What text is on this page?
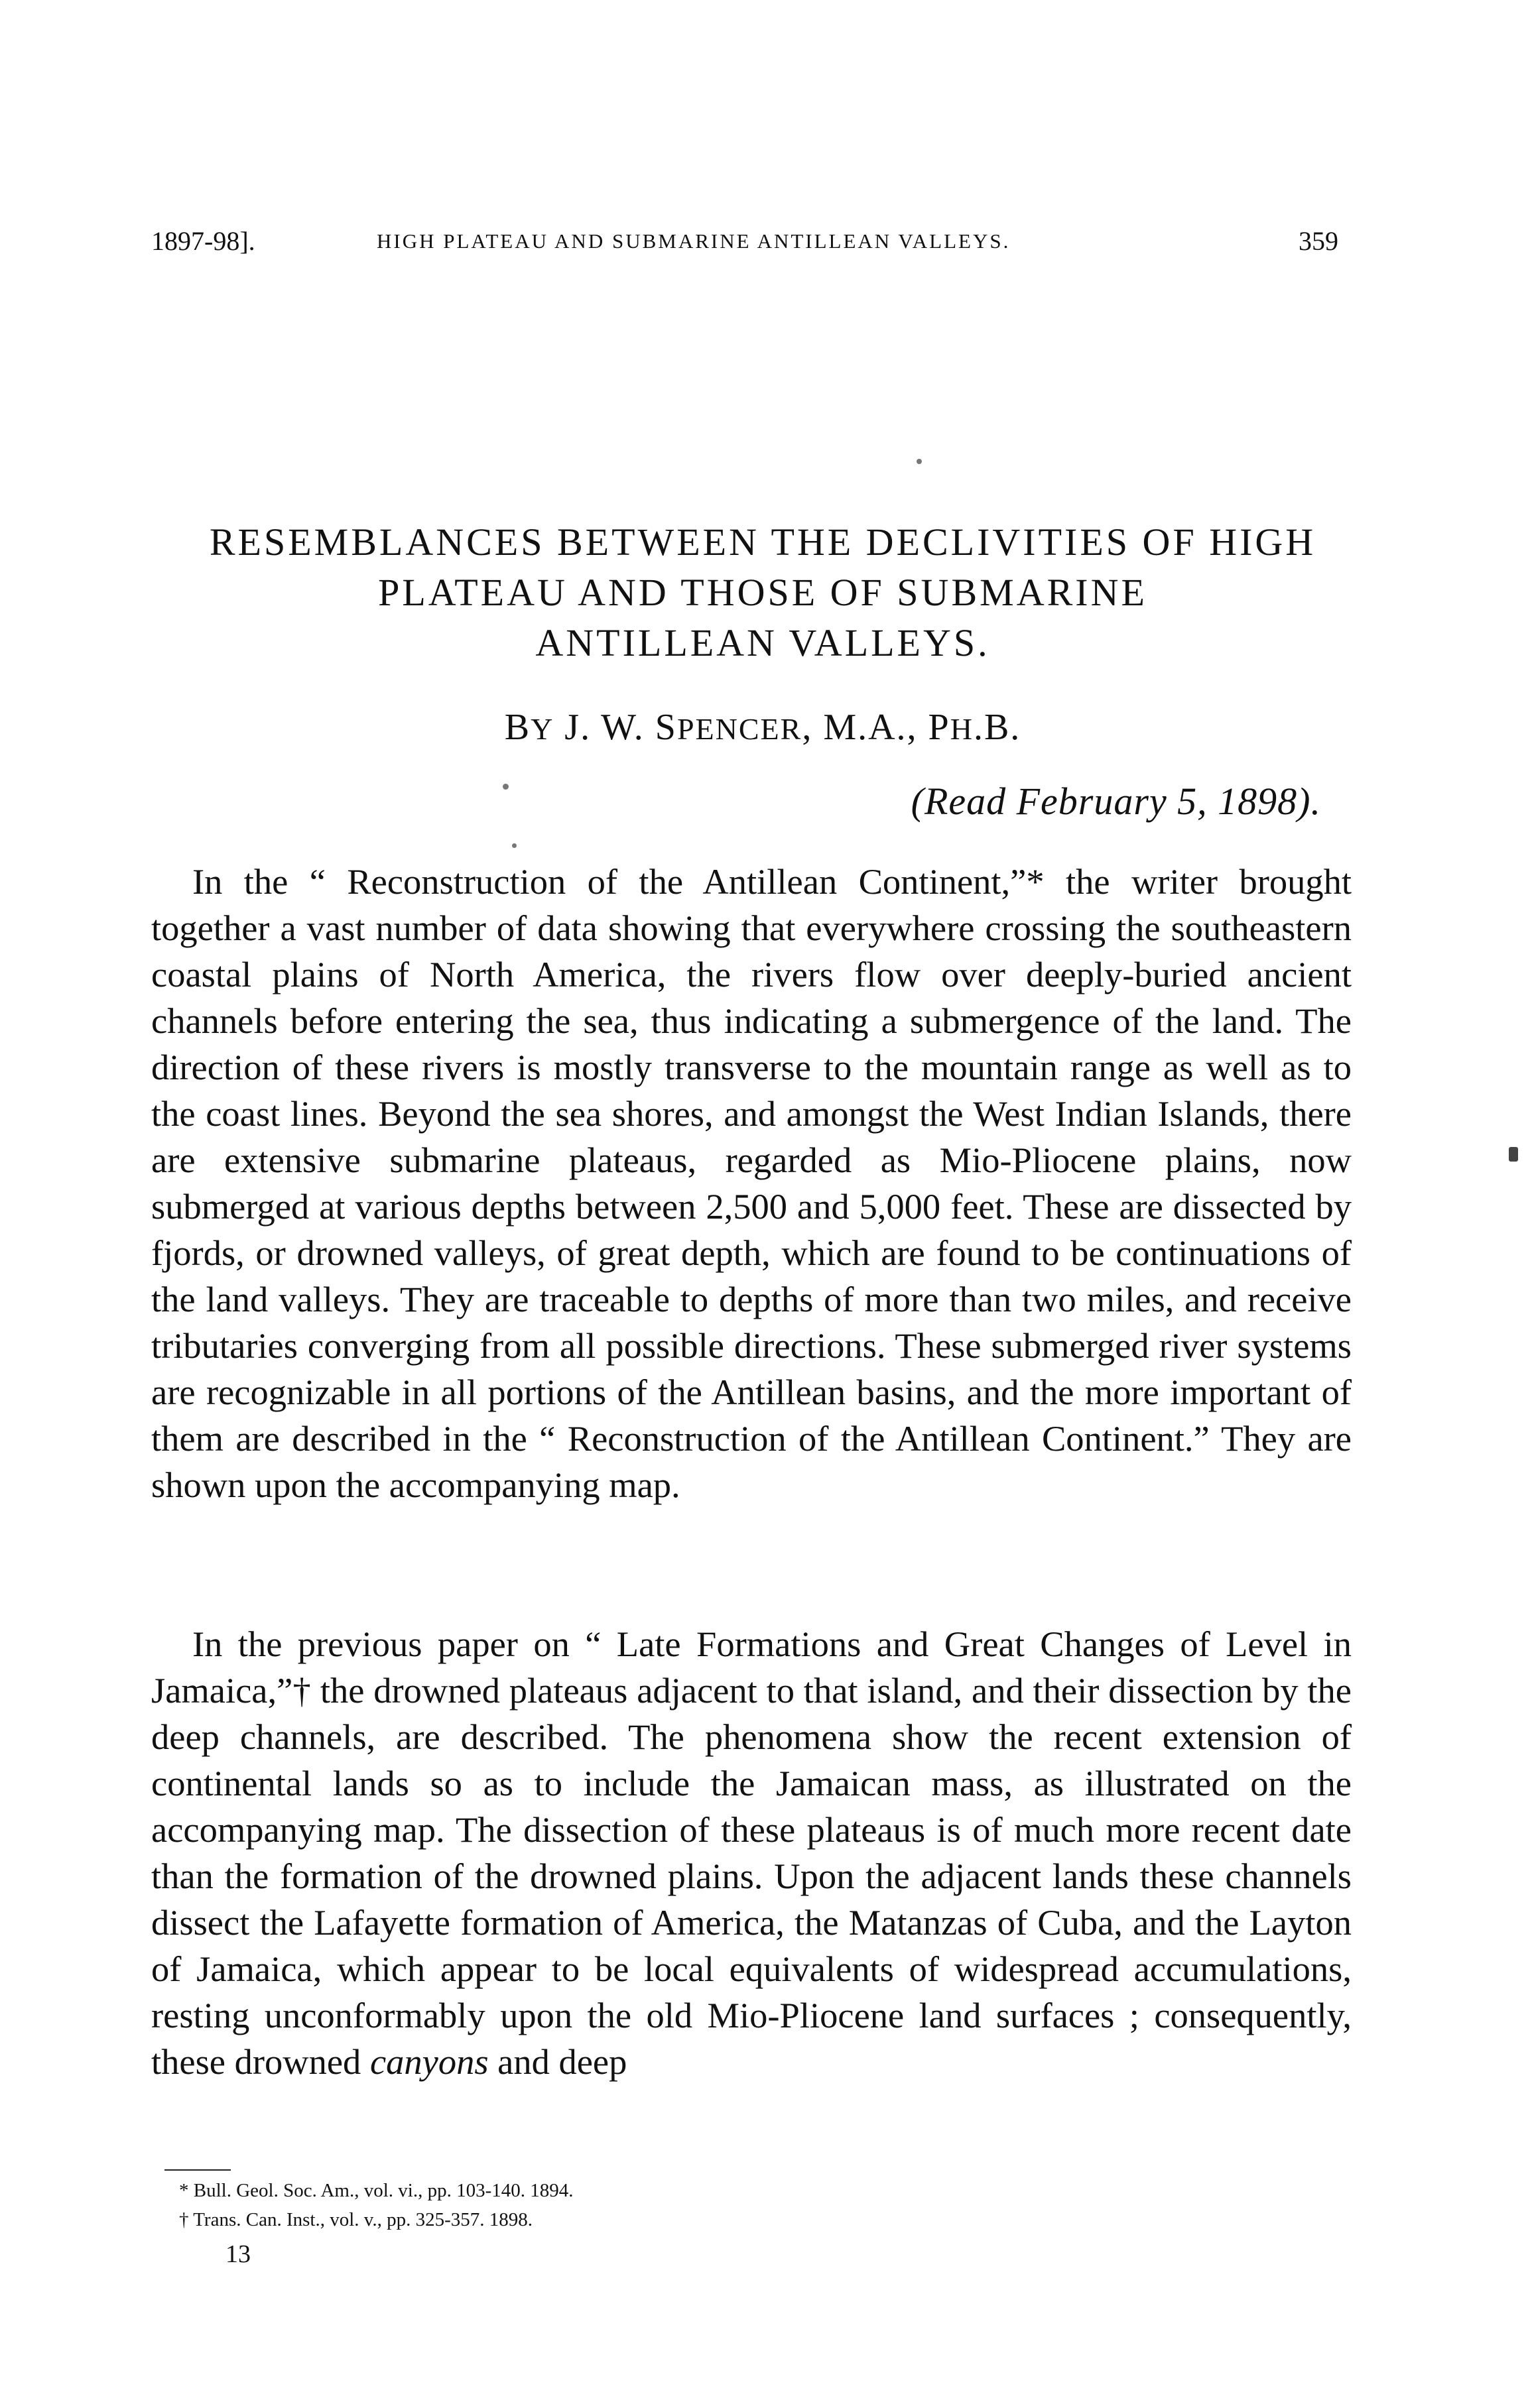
1897-98].	HIGH PLATEAU AND SUBMARINE ANTILLEAN VALLEYS.	359
RESEMBLANCES BETWEEN THE DECLIVITIES OF HIGH
PLATEAU AND THOSE OF SUBMARINE
ANTILLEAN VALLEYS.
BY J. W. SPENCER, M.A., PH.B.
(Read February 5, 1898).

In the “ Reconstruction of the Antillean Continent,”* the writer brought together a vast number of data showing that everywhere crossing the southeastern coastal plains of North America, the rivers flow over deeply-buried ancient channels before entering the sea, thus indicating a submergence of the land. The direction of these rivers is mostly transverse to the mountain range as well as to the coast lines. Beyond the sea shores, and amongst the West Indian Islands, there are extensive submarine plateaus, regarded as Mio-Pliocene plains, now submerged at various depths between 2,500 and 5,000 feet. These are dissected by fjords, or drowned valleys, of great depth, which are found to be continuations of the land valleys. They are traceable to depths of more than two miles, and receive tributaries converging from all possible directions. These submerged river systems are recognizable in all portions of the Antillean basins, and the more important of them are described in the “ Reconstruction of the Antillean Continent.” They are shown upon the accompanying map.

In the previous paper on “ Late Formations and Great Changes of Level in Jamaica,”† the drowned plateaus adjacent to that island, and their dissection by the deep channels, are described. The phenomena show the recent extension of continental lands so as to include the Jamaican mass, as illustrated on the accompanying map. The dissection of these plateaus is of much more recent date than the formation of the drowned plains. Upon the adjacent lands these channels dissect the Lafayette formation of America, the Matanzas of Cuba, and the Layton of Jamaica, which appear to be local equivalents of widespread accumulations, resting unconformably upon the old Mio-Pliocene land surfaces ; consequently, these drowned canyons and deep

* Bull. Geol. Soc. Am., vol. vi., pp. 103-140. 1894.
† Trans. Can. Inst., vol. v., pp. 325-357. 1898.
13
